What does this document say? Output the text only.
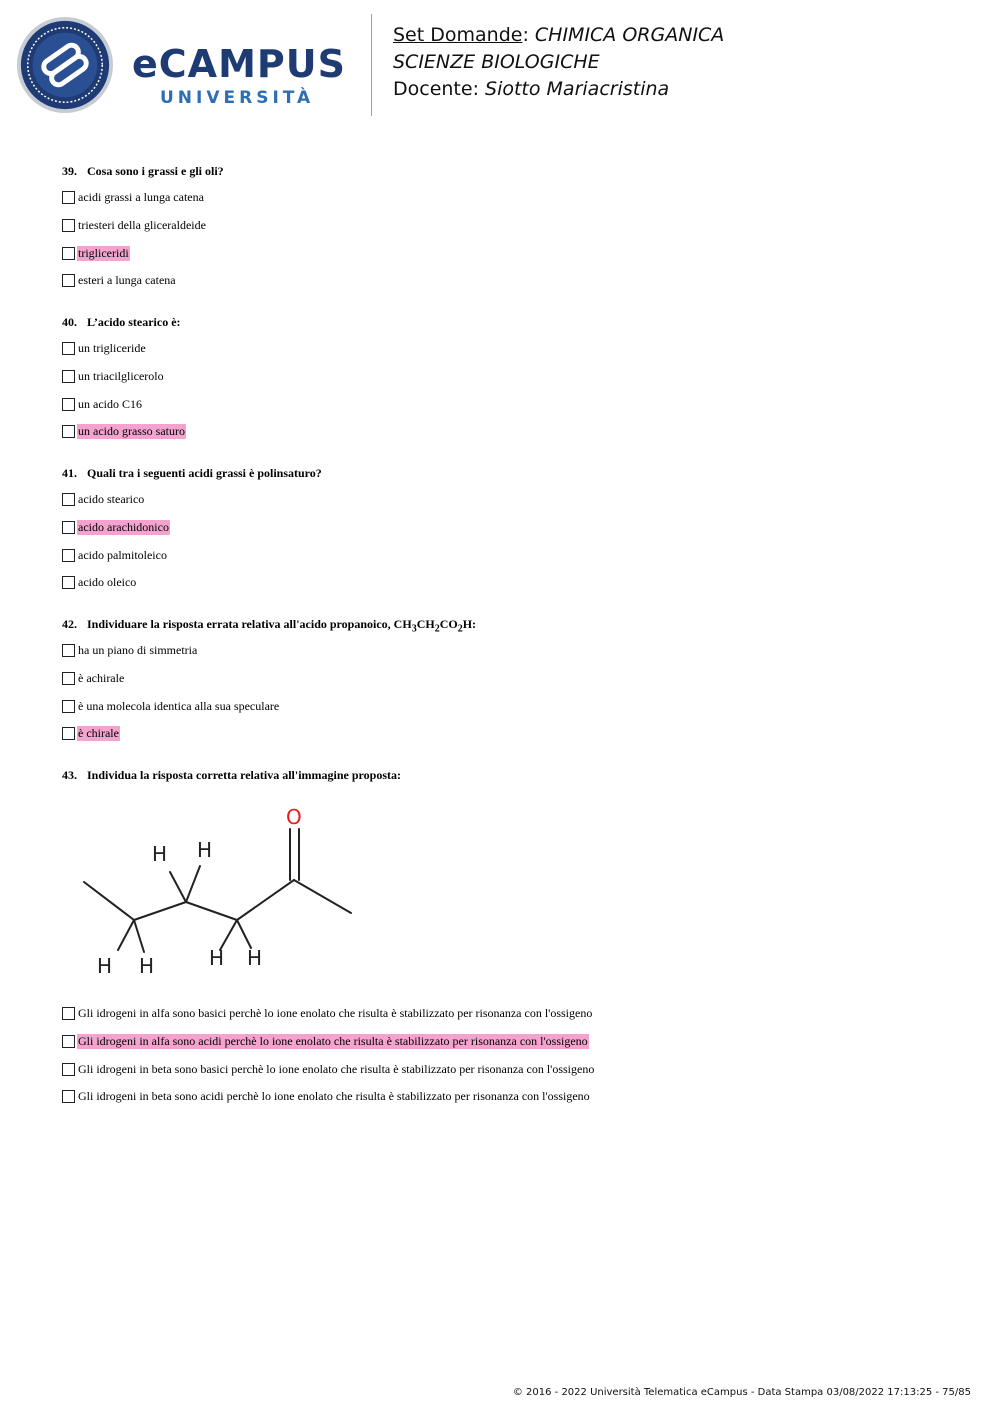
eCAMPUS
UNIVERSITÀ
Set Domande: CHIMICA ORGANICA
SCIENZE BIOLOGICHE
Docente: Siotto Mariacristina
39. Cosa sono i grassi e gli oli?
acidi grassi a lunga catena
triesteri della gliceraldeide
trigliceridi
esteri a lunga catena
40. L’acido stearico è:
un trigliceride
un triacilglicerolo
un acido C16
un acido grasso saturo
41. Quali tra i seguenti acidi grassi è polinsaturo?
acido stearico
acido arachidonico
acido palmitoleico
acido oleico
42. Individuare la risposta errata relativa all'acido propanoico, $CH_3CH_2CO_2H$:
ha un piano di simmetria
è achirale
è una molecola identica alla sua speculare
è chirale
43. Individua la risposta corretta relativa all'immagine proposta:
Gli idrogeni in alfa sono basici perchè lo ione enolato che risulta è stabilizzato per risonanza con l'ossigeno
Gli idrogeni in alfa sono acidi perchè lo ione enolato che risulta è stabilizzato per risonanza con l'ossigeno
Gli idrogeni in beta sono basici perchè lo ione enolato che risulta è stabilizzato per risonanza con l'ossigeno
Gli idrogeni in beta sono acidi perchè lo ione enolato che risulta è stabilizzato per risonanza con l'ossigeno
O
H H
H H	H H
© 2016 - 2022 Università Telematica eCampus - Data Stampa 03/08/2022 17:13:25 - 75/85
